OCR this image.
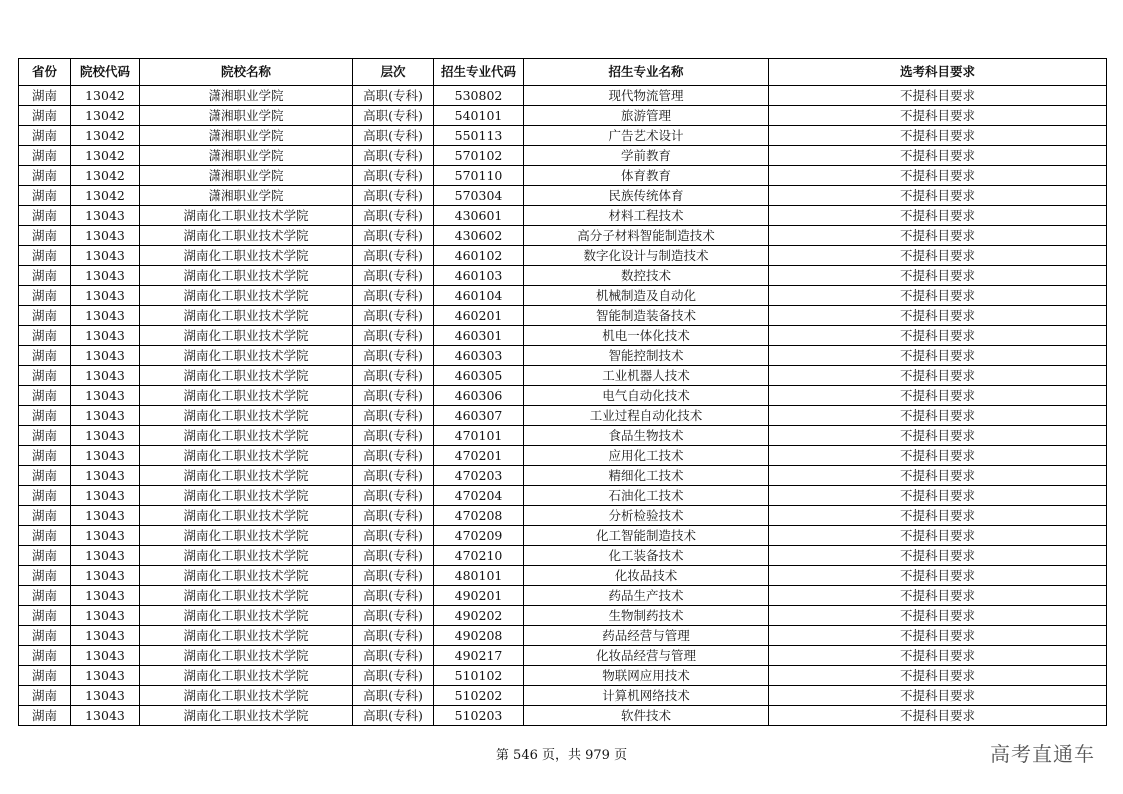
省份	院校代码	院校名称	层次	招生专业代码	招生专业名称	选考科目要求
湖南	13042	潇湘职业学院	高职(专科)	530802	现代物流管理	不提科目要求
湖南	13042	潇湘职业学院	高职(专科)	540101	旅游管理	不提科目要求
湖南	13042	潇湘职业学院	高职(专科)	550113	广告艺术设计	不提科目要求
湖南	13042	潇湘职业学院	高职(专科)	570102	学前教育	不提科目要求
湖南	13042	潇湘职业学院	高职(专科)	570110	体育教育	不提科目要求
湖南	13042	潇湘职业学院	高职(专科)	570304	民族传统体育	不提科目要求
湖南	13043	湖南化工职业技术学院	高职(专科)	430601	材料工程技术	不提科目要求
湖南	13043	湖南化工职业技术学院	高职(专科)	430602	高分子材料智能制造技术	不提科目要求
湖南	13043	湖南化工职业技术学院	高职(专科)	460102	数字化设计与制造技术	不提科目要求
湖南	13043	湖南化工职业技术学院	高职(专科)	460103	数控技术	不提科目要求
湖南	13043	湖南化工职业技术学院	高职(专科)	460104	机械制造及自动化	不提科目要求
湖南	13043	湖南化工职业技术学院	高职(专科)	460201	智能制造装备技术	不提科目要求
湖南	13043	湖南化工职业技术学院	高职(专科)	460301	机电一体化技术	不提科目要求
湖南	13043	湖南化工职业技术学院	高职(专科)	460303	智能控制技术	不提科目要求
湖南	13043	湖南化工职业技术学院	高职(专科)	460305	工业机器人技术	不提科目要求
湖南	13043	湖南化工职业技术学院	高职(专科)	460306	电气自动化技术	不提科目要求
湖南	13043	湖南化工职业技术学院	高职(专科)	460307	工业过程自动化技术	不提科目要求
湖南	13043	湖南化工职业技术学院	高职(专科)	470101	食品生物技术	不提科目要求
湖南	13043	湖南化工职业技术学院	高职(专科)	470201	应用化工技术	不提科目要求
湖南	13043	湖南化工职业技术学院	高职(专科)	470203	精细化工技术	不提科目要求
湖南	13043	湖南化工职业技术学院	高职(专科)	470204	石油化工技术	不提科目要求
湖南	13043	湖南化工职业技术学院	高职(专科)	470208	分析检验技术	不提科目要求
湖南	13043	湖南化工职业技术学院	高职(专科)	470209	化工智能制造技术	不提科目要求
湖南	13043	湖南化工职业技术学院	高职(专科)	470210	化工装备技术	不提科目要求
湖南	13043	湖南化工职业技术学院	高职(专科)	480101	化妆品技术	不提科目要求
湖南	13043	湖南化工职业技术学院	高职(专科)	490201	药品生产技术	不提科目要求
湖南	13043	湖南化工职业技术学院	高职(专科)	490202	生物制药技术	不提科目要求
湖南	13043	湖南化工职业技术学院	高职(专科)	490208	药品经营与管理	不提科目要求
湖南	13043	湖南化工职业技术学院	高职(专科)	490217	化妆品经营与管理	不提科目要求
湖南	13043	湖南化工职业技术学院	高职(专科)	510102	物联网应用技术	不提科目要求
湖南	13043	湖南化工职业技术学院	高职(专科)	510202	计算机网络技术	不提科目要求
湖南	13043	湖南化工职业技术学院	高职(专科)	510203	软件技术	不提科目要求
第 546 页，共 979 页	高考直通车
